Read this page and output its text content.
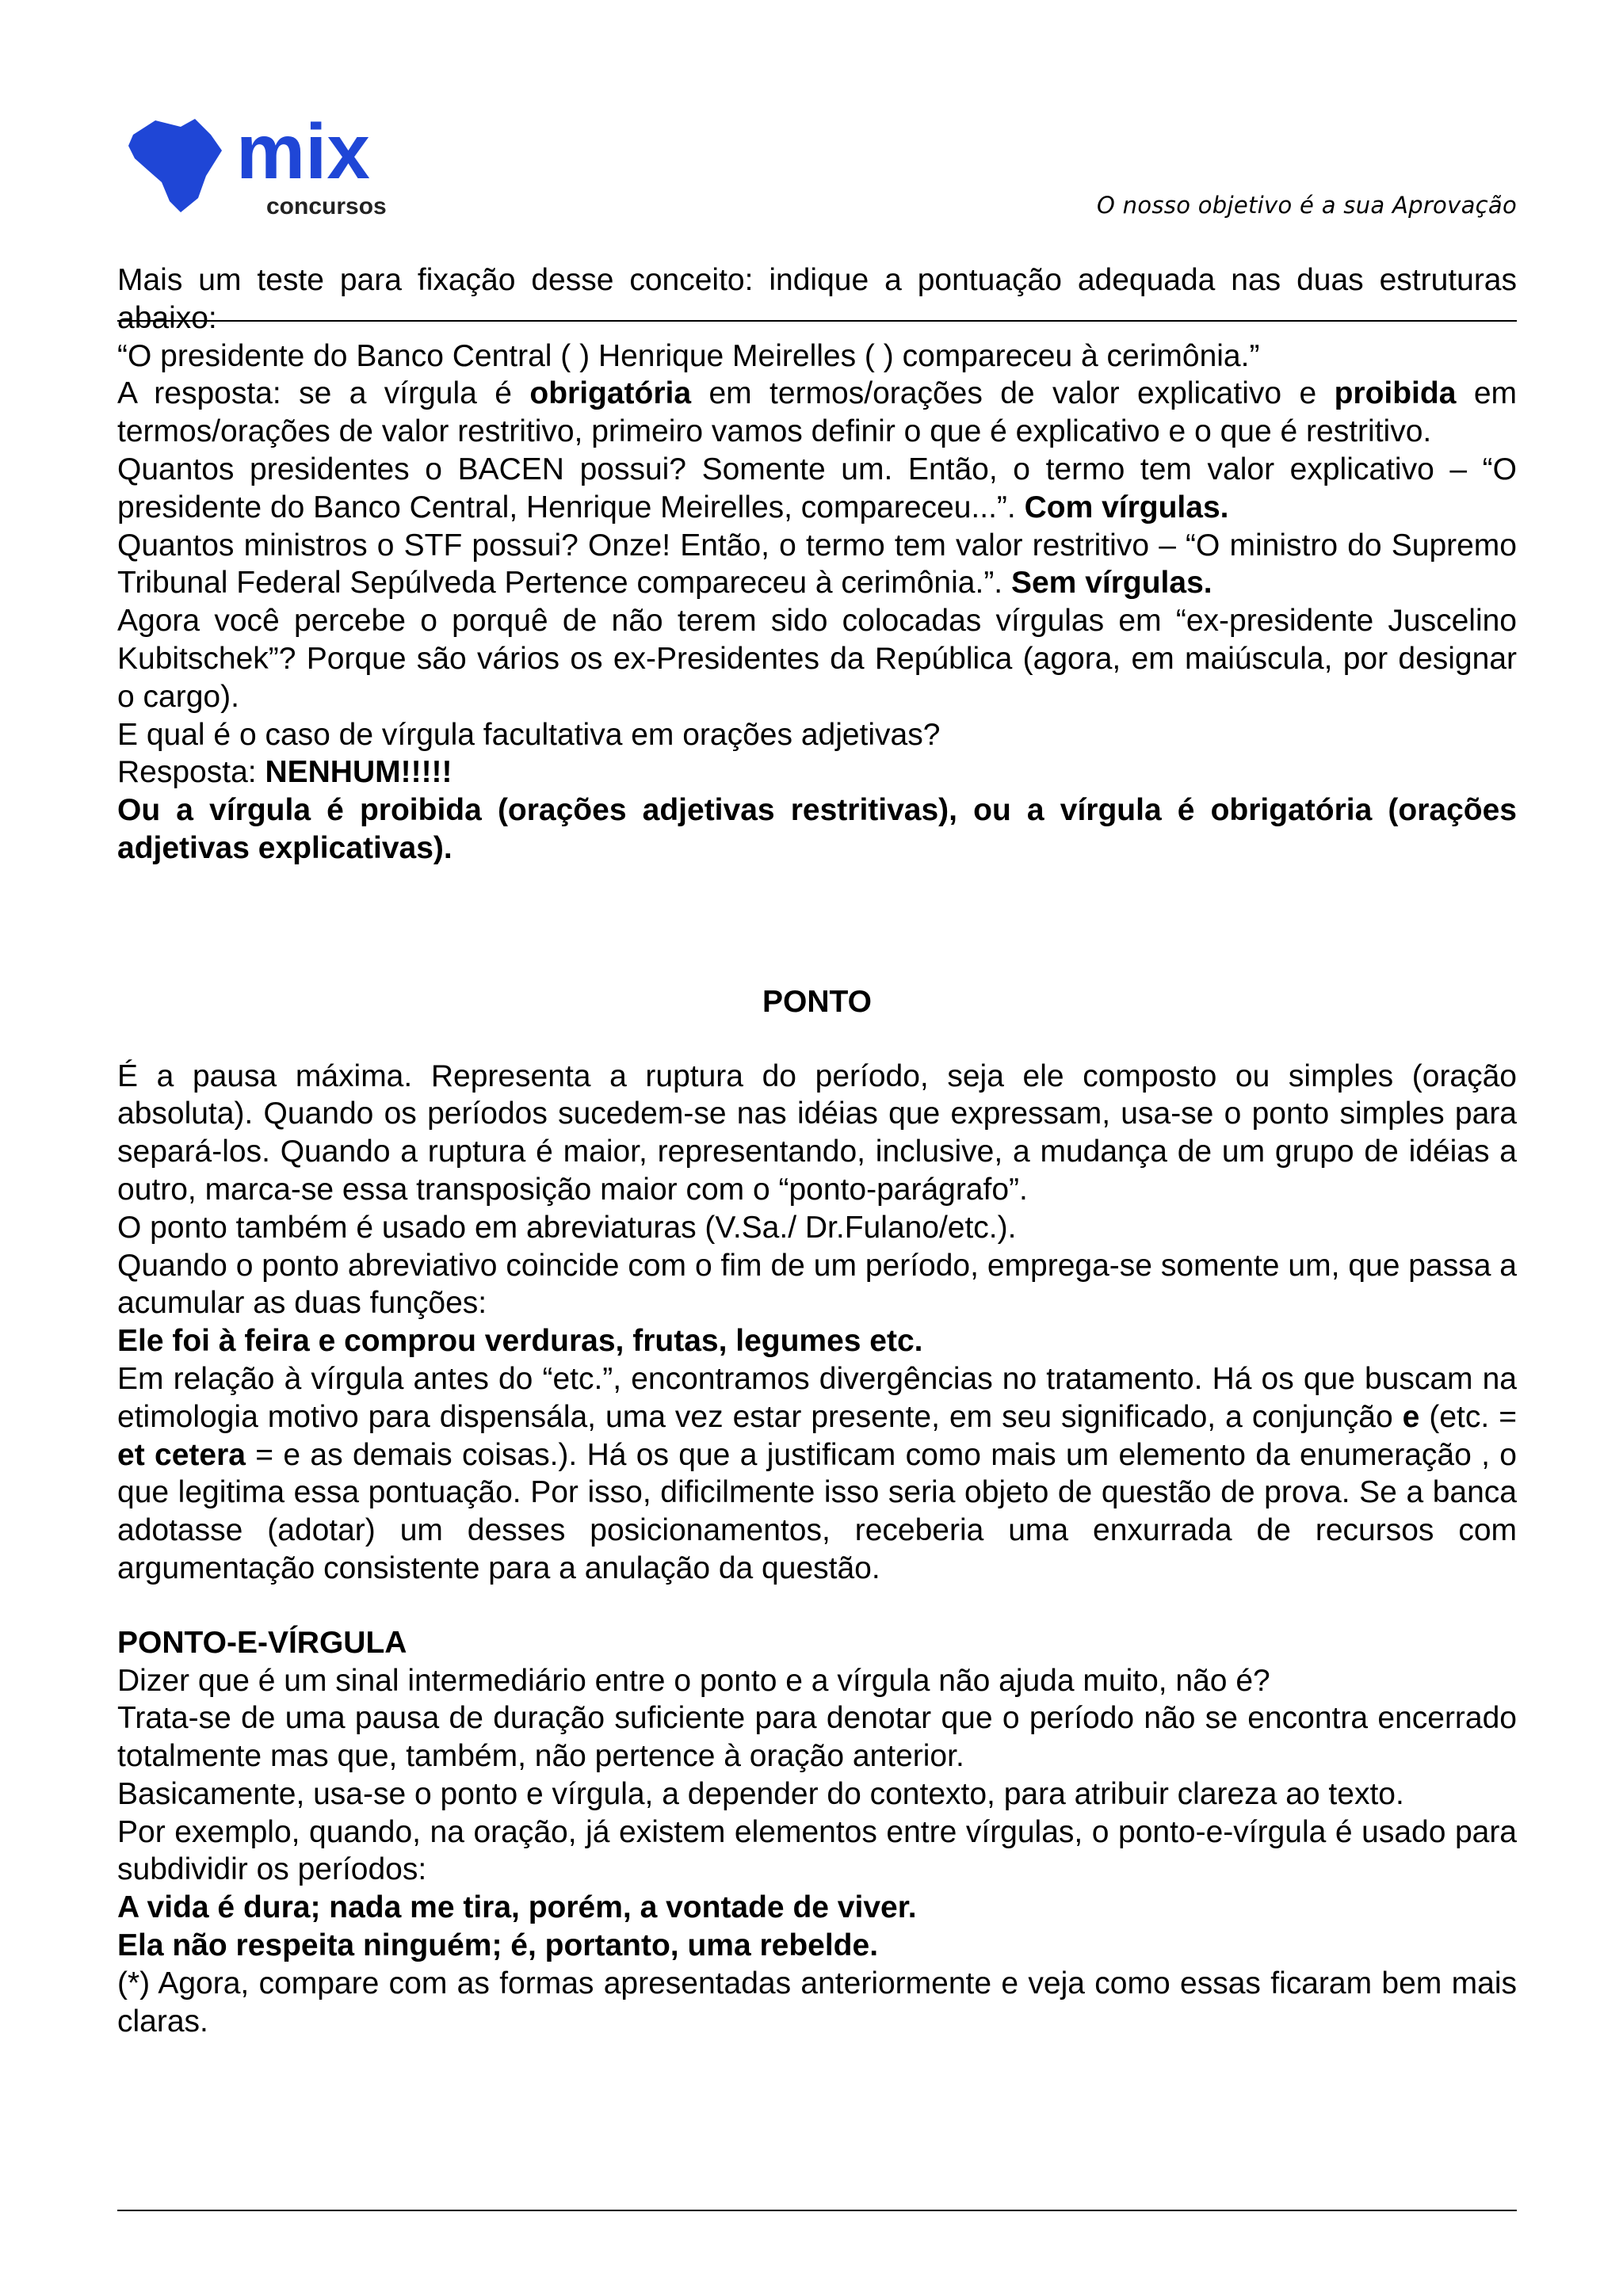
mix
concursos	O nosso objetivo é a sua Aprovação

Mais um teste para fixação desse conceito: indique a pontuação adequada nas duas estruturas abaixo:

“O presidente do Banco Central ( ) Henrique Meirelles ( ) compareceu à cerimônia.”

A resposta: se a vírgula é obrigatória em termos/orações de valor explicativo e proibida em termos/orações de valor restritivo, primeiro vamos definir o que é explicativo e o que é restritivo.

Quantos presidentes o BACEN possui? Somente um. Então, o termo tem valor explicativo – “O presidente do Banco Central, Henrique Meirelles, compareceu...”. Com vírgulas.

Quantos ministros o STF possui? Onze! Então, o termo tem valor restritivo – “O ministro do Supremo Tribunal Federal Sepúlveda Pertence compareceu à cerimônia.”. Sem vírgulas.

Agora você percebe o porquê de não terem sido colocadas vírgulas em “ex-presidente Juscelino Kubitschek”? Porque são vários os ex-Presidentes da República (agora, em maiúscula, por designar o cargo).

E qual é o caso de vírgula facultativa em orações adjetivas?

Resposta: NENHUM!!!!!

Ou a vírgula é proibida (orações adjetivas restritivas), ou a vírgula é obrigatória (orações adjetivas explicativas).

PONTO

É a pausa máxima. Representa a ruptura do período, seja ele composto ou simples (oração absoluta). Quando os períodos sucedem-se nas idéias que expressam, usa-se o ponto simples para separá-los. Quando a ruptura é maior, representando, inclusive, a mudança de um grupo de idéias a outro, marca-se essa transposição maior com o “ponto-parágrafo”.

O ponto também é usado em abreviaturas (V.Sa./ Dr.Fulano/etc.).

Quando o ponto abreviativo coincide com o fim de um período, emprega-se somente um, que passa a acumular as duas funções:

Ele foi à feira e comprou verduras, frutas, legumes etc.

Em relação à vírgula antes do “etc.”, encontramos divergências no tratamento. Há os que buscam na etimologia motivo para dispensála, uma vez estar presente, em seu significado, a conjunção e (etc. = et cetera = e as demais coisas.). Há os que a justificam como mais um elemento da enumeração , o que legitima essa pontuação. Por isso, dificilmente isso seria objeto de questão de prova. Se a banca adotasse (adotar) um desses posicionamentos, receberia uma enxurrada de recursos com argumentação consistente para a anulação da questão.

PONTO-E-VÍRGULA

Dizer que é um sinal intermediário entre o ponto e a vírgula não ajuda muito, não é?

Trata-se de uma pausa de duração suficiente para denotar que o período não se encontra encerrado totalmente mas que, também, não pertence à oração anterior.

Basicamente, usa-se o ponto e vírgula, a depender do contexto, para atribuir clareza ao texto.

Por exemplo, quando, na oração, já existem elementos entre vírgulas, o ponto-e-vírgula é usado para subdividir os períodos:

A vida é dura; nada me tira, porém, a vontade de viver.

Ela não respeita ninguém; é, portanto, uma rebelde.

(*) Agora, compare com as formas apresentadas anteriormente e veja como essas ficaram bem mais claras.
